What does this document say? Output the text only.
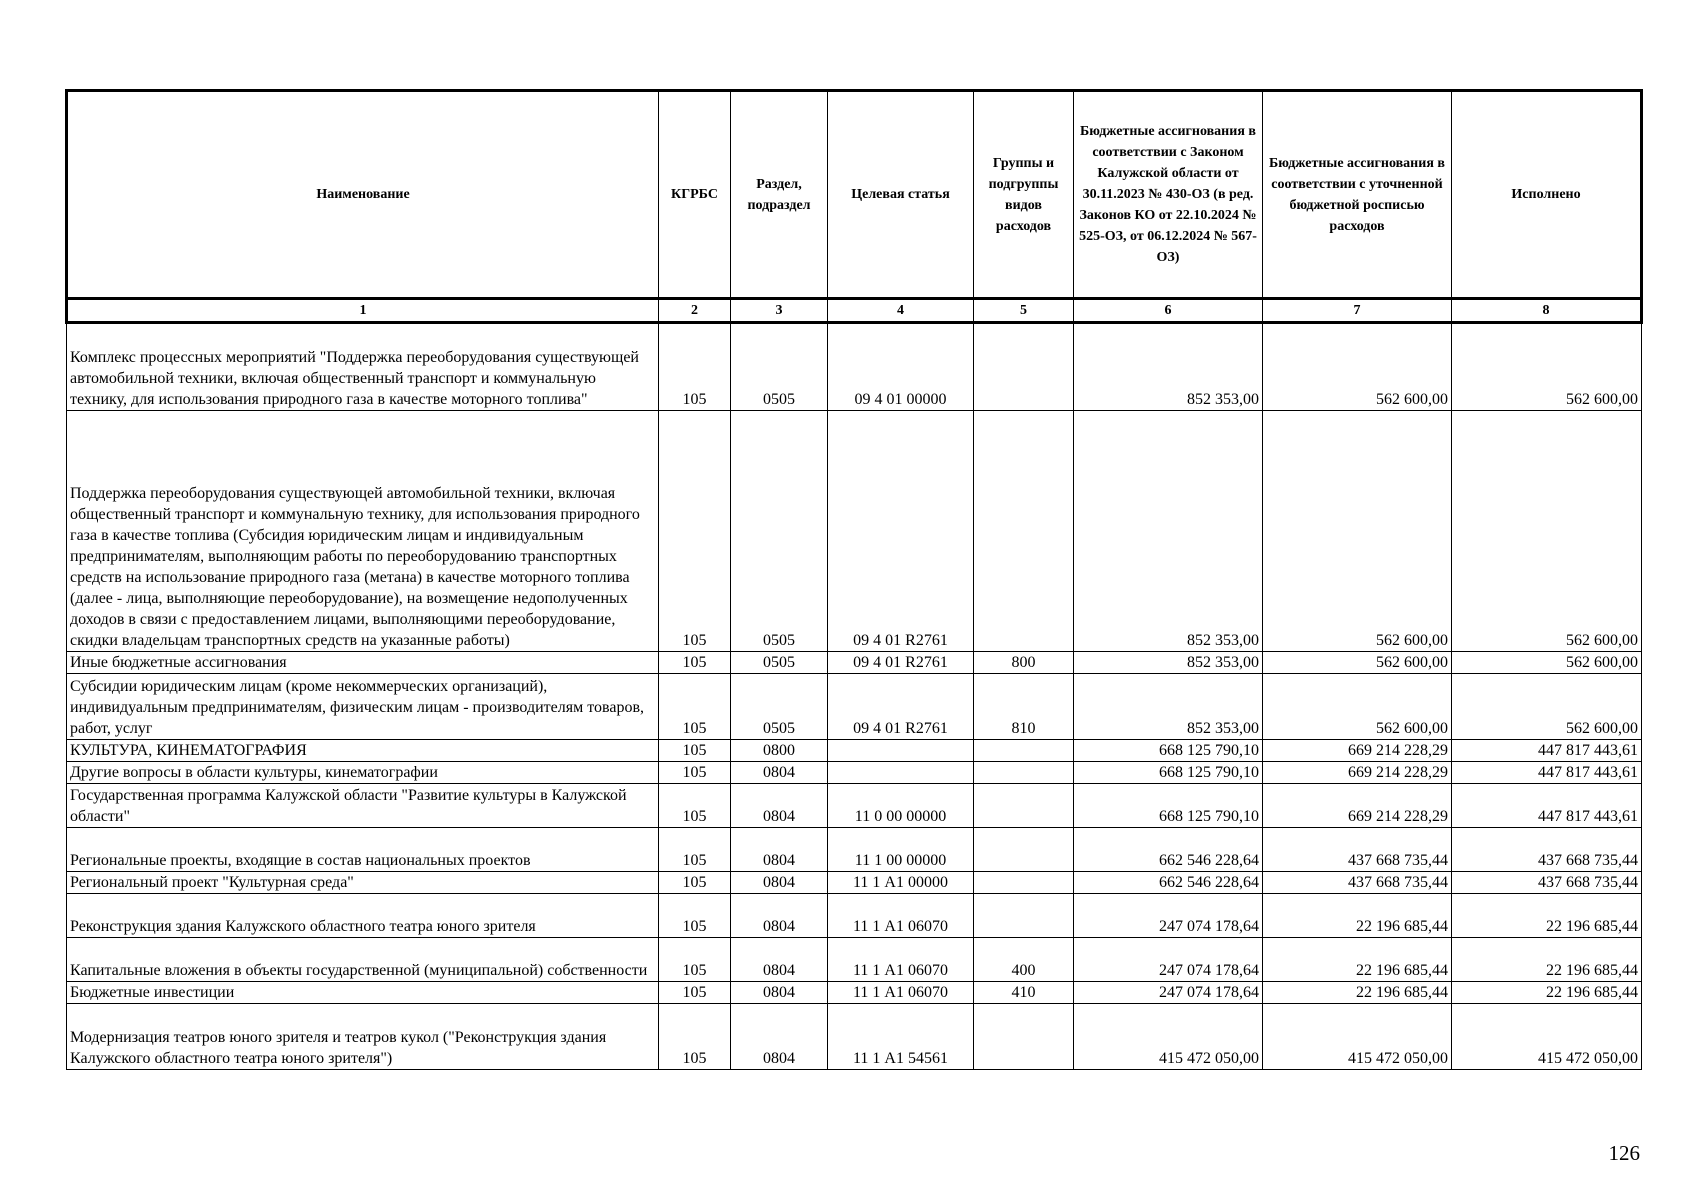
Наименование	КГРБС	Раздел, подраздел	Целевая статья	Группы и подгруппы видов расходов	Бюджетные ассигнования в соответствии с Законом Калужской области от 30.11.2023 № 430-ОЗ (в ред. Законов КО от 22.10.2024 № 525-ОЗ, от 06.12.2024 № 567-ОЗ)	Бюджетные ассигнования в соответствии с уточненной бюджетной росписью расходов	Исполнено
1	2	3	4	5	6	7	8
Комплекс процессных мероприятий "Поддержка переоборудования существующей автомобильной техники, включая общественный транспорт и коммунальную технику, для использования природного газа в качестве моторного топлива"	105	0505	09 4 01 00000		852 353,00	562 600,00	562 600,00
Поддержка переоборудования существующей автомобильной техники, включая общественный транспорт и коммунальную технику, для использования природного газа в качестве топлива (Субсидия юридическим лицам и индивидуальным предпринимателям, выполняющим работы по переоборудованию транспортных средств на использование природного газа (метана) в качестве моторного топлива (далее - лица, выполняющие переоборудование), на возмещение недополученных доходов в связи с предоставлением лицами, выполняющими переоборудование, скидки владельцам транспортных средств на указанные работы)	105	0505	09 4 01 R2761		852 353,00	562 600,00	562 600,00
Иные бюджетные ассигнования	105	0505	09 4 01 R2761	800	852 353,00	562 600,00	562 600,00
Субсидии юридическим лицам (кроме некоммерческих организаций), индивидуальным предпринимателям, физическим лицам - производителям товаров, работ, услуг	105	0505	09 4 01 R2761	810	852 353,00	562 600,00	562 600,00
КУЛЬТУРА, КИНЕМАТОГРАФИЯ	105	0800			668 125 790,10	669 214 228,29	447 817 443,61
Другие вопросы в области культуры, кинематографии	105	0804			668 125 790,10	669 214 228,29	447 817 443,61
Государственная программа Калужской области "Развитие культуры в Калужской области"	105	0804	11 0 00 00000		668 125 790,10	669 214 228,29	447 817 443,61
Региональные проекты, входящие в состав национальных проектов	105	0804	11 1 00 00000		662 546 228,64	437 668 735,44	437 668 735,44
Региональный проект "Культурная среда"	105	0804	11 1 А1 00000		662 546 228,64	437 668 735,44	437 668 735,44
Реконструкция здания Калужского областного театра юного зрителя	105	0804	11 1 А1 06070		247 074 178,64	22 196 685,44	22 196 685,44
Капитальные вложения в объекты государственной (муниципальной) собственности	105	0804	11 1 А1 06070	400	247 074 178,64	22 196 685,44	22 196 685,44
Бюджетные инвестиции	105	0804	11 1 А1 06070	410	247 074 178,64	22 196 685,44	22 196 685,44
Модернизация театров юного зрителя и театров кукол ("Реконструкция здания Калужского областного театра юного зрителя")	105	0804	11 1 А1 54561		415 472 050,00	415 472 050,00	415 472 050,00
126
